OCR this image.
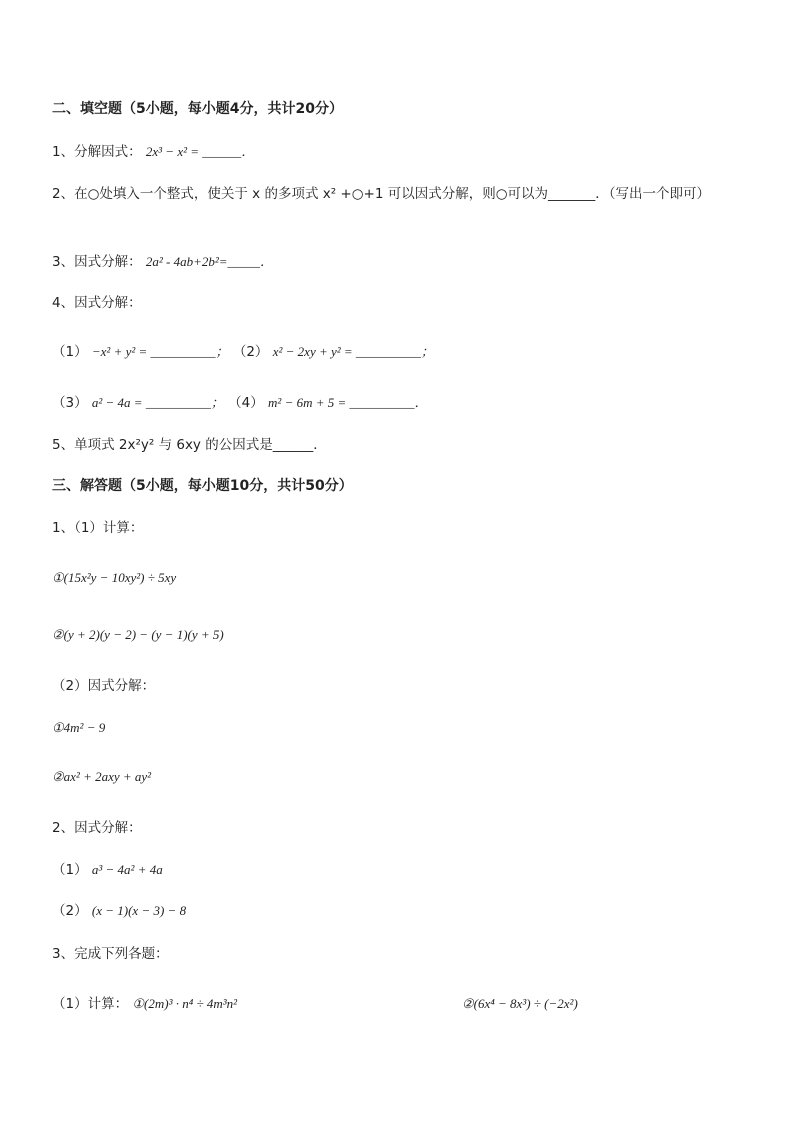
二、填空题（5小题，每小题4分，共计20分）
1、分解因式： 2x³ − x² = ______．
2、在○处填入一个整式，使关于 x 的多项式 x² +○+1 可以因式分解，则○可以为_______．（写出一个即可）
3、因式分解： 2a² - 4ab+2b²=_____．
4、因式分解：
（1） −x² + y² = __________； （2） x² − 2xy + y² = __________；
（3） a² − 4a = __________； （4） m² − 6m + 5 = __________．
5、单项式 2x²y² 与 6xy 的公因式是______．
三、解答题（5小题，每小题10分，共计50分）
1、（1）计算：
①(15x²y − 10xy²) ÷ 5xy
②(y + 2)(y − 2) − (y − 1)(y + 5)
（2）因式分解：
①4m² − 9
②ax² + 2axy + ay²
2、因式分解：
（1） a³ − 4a² + 4a
（2） (x − 1)(x − 3) − 8
3、完成下列各题：
（1）计算： ①(2m)³ · n⁴ ÷ 4m³n²	②(6x⁴ − 8x³) ÷ (−2x²)
